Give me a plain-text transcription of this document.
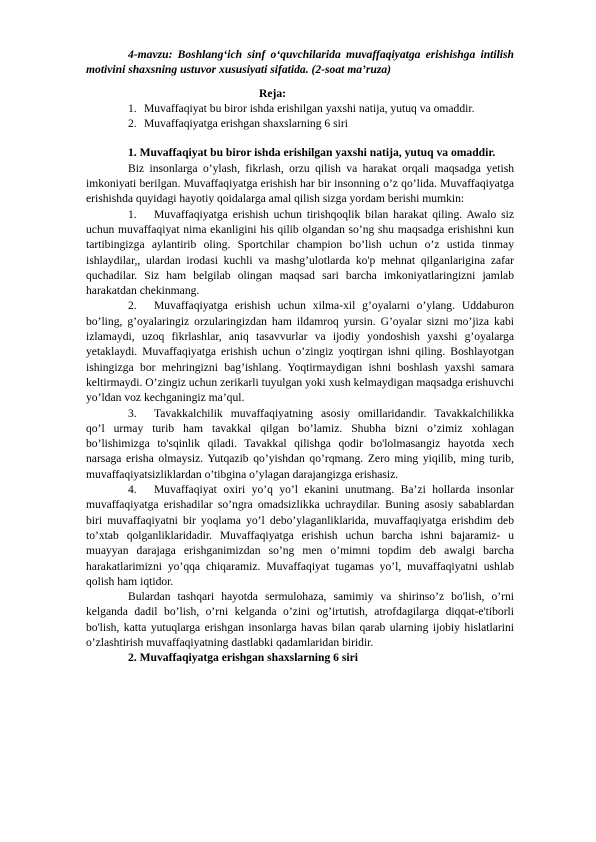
4-mavzu: Boshlang‘ich sinf o‘quvchilarida muvaffaqiyatga erishishga intilish motivini shaxsning ustuvor xususiyati sifatida. (2-soat ma’ruza)

Reja:

1. Muvaffaqiyat bu biror ishda erishilgan yaxshi natija, yutuq va omaddir.
2. Muvaffaqiyatga erishgan shaxslarning 6 siri

1. Muvaffaqiyat bu biror ishda erishilgan yaxshi natija, yutuq va omaddir.

Biz insonlarga o’ylash, fikrlash, orzu qilish va harakat orqali maqsadga yetish imkoniyati berilgan. Muvaffaqiyatga erishish har bir insonning o’z qo’lida. Muvaffaqiyatga erishishda quyidagi hayotiy qoidalarga amal qilish sizga yordam berishi mumkin:

1. Muvaffaqiyatga erishish uchun tirishqoqlik bilan harakat qiling. Awalo siz uchun muvaffaqiyat nima ekanligini his qilib olgandan so’ng shu maqsadga erishishni kun tartibingizga aylantirib oling. Sportchilar champion bo’lish uchun o’z ustida tinmay ishlaydilar,, ulardan irodasi kuchli va mashg’ulotlarda ko'p mehnat qilganlarigina zafar quchadilar. Siz ham belgilab olingan maqsad sari barcha imkoniyatlaringizni jamlab harakatdan chekinmang.

2. Muvaffaqiyatga erishish uchun xilma-xil g’oyalarni o’ylang. Uddaburon bo’ling, g’oyalaringiz orzularingizdan ham ildamroq yursin. G’oyalar sizni mo’jiza kabi izlamaydi, uzoq fikrlashlar, aniq tasavvurlar va ijodiy yondoshish yaxshi g’oyalarga yetaklaydi. Muvaffaqiyatga erishish uchun o’zingiz yoqtirgan ishni qiling. Boshlayotgan ishingizga bor mehringizni bag’ishlang. Yoqtirmaydigan ishni boshlash yaxshi samara keltirmaydi. O’zingiz uchun zerikarli tuyulgan yoki xush kelmaydigan maqsadga erishuvchi yo’ldan voz kechganingiz ma’qul.

3. Tavakkalchilik muvaffaqiyatning asosiy omillaridandir. Tavakkalchilikka qo’l urmay turib ham tavakkal qilgan bo’lamiz. Shubha bizni o’zimiz xohlagan bo’lishimizga to'sqinlik qiladi. Tavakkal qilishga qodir bo'lolmasangiz hayotda xech narsaga erisha olmaysiz. Yutqazib qo’yishdan qo’rqmang. Zero ming yiqilib, ming turib, muvaffaqiyatsizliklardan o’tibgina o’ylagan darajangizga erishasiz.

4. Muvaffaqiyat oxiri yo’q yo’l ekanini unutmang. Ba’zi hollarda insonlar muvaffaqiyatga erishadilar so’ngra omadsizlikka uchraydilar. Buning asosiy sabablardan biri muvaffaqiyatni bir yoqlama yo’l debo’ylaganliklarida, muvaffaqiyatga erishdim deb to’xtab qolganliklaridadir. Muvaffaqiyatga erishish uchun barcha ishni bajaramiz- u muayyan darajaga erishganimizdan so’ng men o’mimni topdim deb awalgi barcha harakatlarimizni yo’qqa chiqaramiz. Muvaffaqiyat tugamas yo’l, muvaffaqiyatni ushlab qolish ham iqtidor.

Bulardan tashqari hayotda sermulohaza, samimiy va shirinso’z bo'lish, o’rni kelganda dadil bo’lish, o’rni kelganda o’zini og’irtutish, atrofdagilarga diqqat-e'tiborli bo'lish, katta yutuqlarga erishgan insonlarga havas bilan qarab ularning ijobiy hislatlarini o’zlashtirish muvaffaqiyatning dastlabki qadamlaridan biridir.

2. Muvaffaqiyatga erishgan shaxslarning 6 siri
